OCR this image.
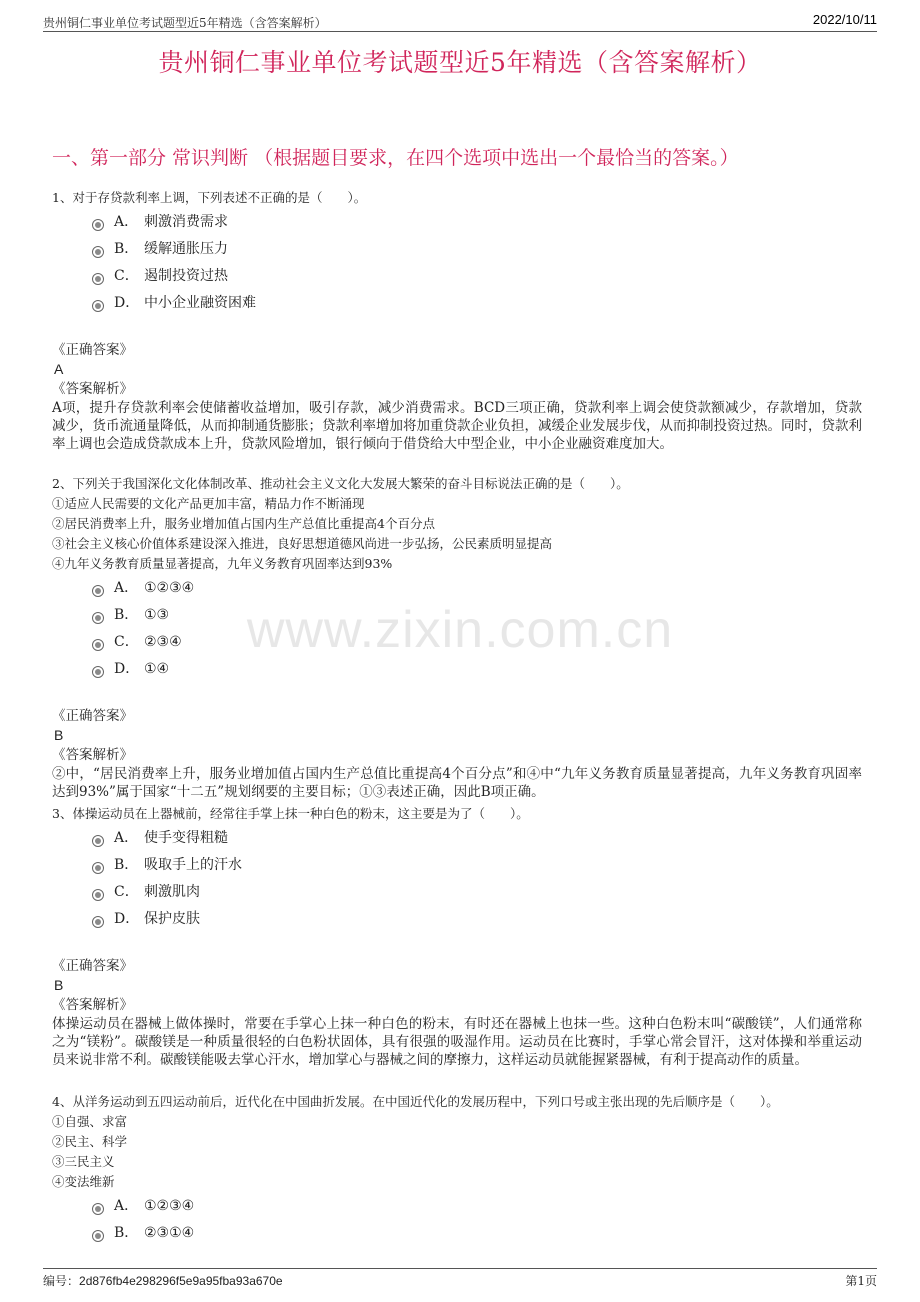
贵州铜仁事业单位考试题型近5年精选（含答案解析）	2022/10/11
贵州铜仁事业单位考试题型近5年精选（含答案解析）
一、第一部分 常识判断 （根据题目要求，在四个选项中选出一个最恰当的答案。）
www.zixin.com.cn

1、对于存贷款利率上调，下列表述不正确的是（　　）。

A． 刺激消费需求
B． 缓解通胀压力
C． 遏制投资过热
D． 中小企业融资困难
《正确答案》
A
《答案解析》
A项，提升存贷款利率会使储蓄收益增加，吸引存款，减少消费需求。BCD三项正确，贷款利率上调会使贷款额减少，存款增加，贷款减少，货币流通量降低，从而抑制通货膨胀；贷款利率增加将加重贷款企业负担，减缓企业发展步伐，从而抑制投资过热。同时，贷款利率上调也会造成贷款成本上升，贷款风险增加，银行倾向于借贷给大中型企业，中小企业融资难度加大。

2、下列关于我国深化文化体制改革、推动社会主义文化大发展大繁荣的奋斗目标说法正确的是（　　）。

①适应人民需要的文化产品更加丰富，精品力作不断涌现
②居民消费率上升，服务业增加值占国内生产总值比重提高4个百分点
③社会主义核心价值体系建设深入推进，良好思想道德风尚进一步弘扬，公民素质明显提高
④九年义务教育质量显著提高，九年义务教育巩固率达到93%
A． ①②③④
B． ①③
C． ②③④
D． ①④
《正确答案》
B
《答案解析》
②中，“居民消费率上升，服务业增加值占国内生产总值比重提高4个百分点”和④中“九年义务教育质量显著提高，九年义务教育巩固率达到93%”属于国家“十二五”规划纲要的主要目标；①③表述正确，因此B项正确。

3、体操运动员在上器械前，经常往手掌上抹一种白色的粉末，这主要是为了（　　）。

A． 使手变得粗糙
B． 吸取手上的汗水
C． 刺激肌肉
D． 保护皮肤
《正确答案》
B
《答案解析》
体操运动员在器械上做体操时，常要在手掌心上抹一种白色的粉末，有时还在器械上也抹一些。这种白色粉末叫“碳酸镁”，人们通常称之为“镁粉”。碳酸镁是一种质量很轻的白色粉状固体，具有很强的吸湿作用。运动员在比赛时，手掌心常会冒汗，这对体操和举重运动员来说非常不利。碳酸镁能吸去掌心汗水，增加掌心与器械之间的摩擦力，这样运动员就能握紧器械，有利于提高动作的质量。

4、从洋务运动到五四运动前后，近代化在中国曲折发展。在中国近代化的发展历程中，下列口号或主张出现的先后顺序是（　　）。

①自强、求富
②民主、科学
③三民主义
④变法维新
A． ①②③④
B． ②③①④
编号：2d876fb4e298296f5e9a95fba93a670e	第1页
